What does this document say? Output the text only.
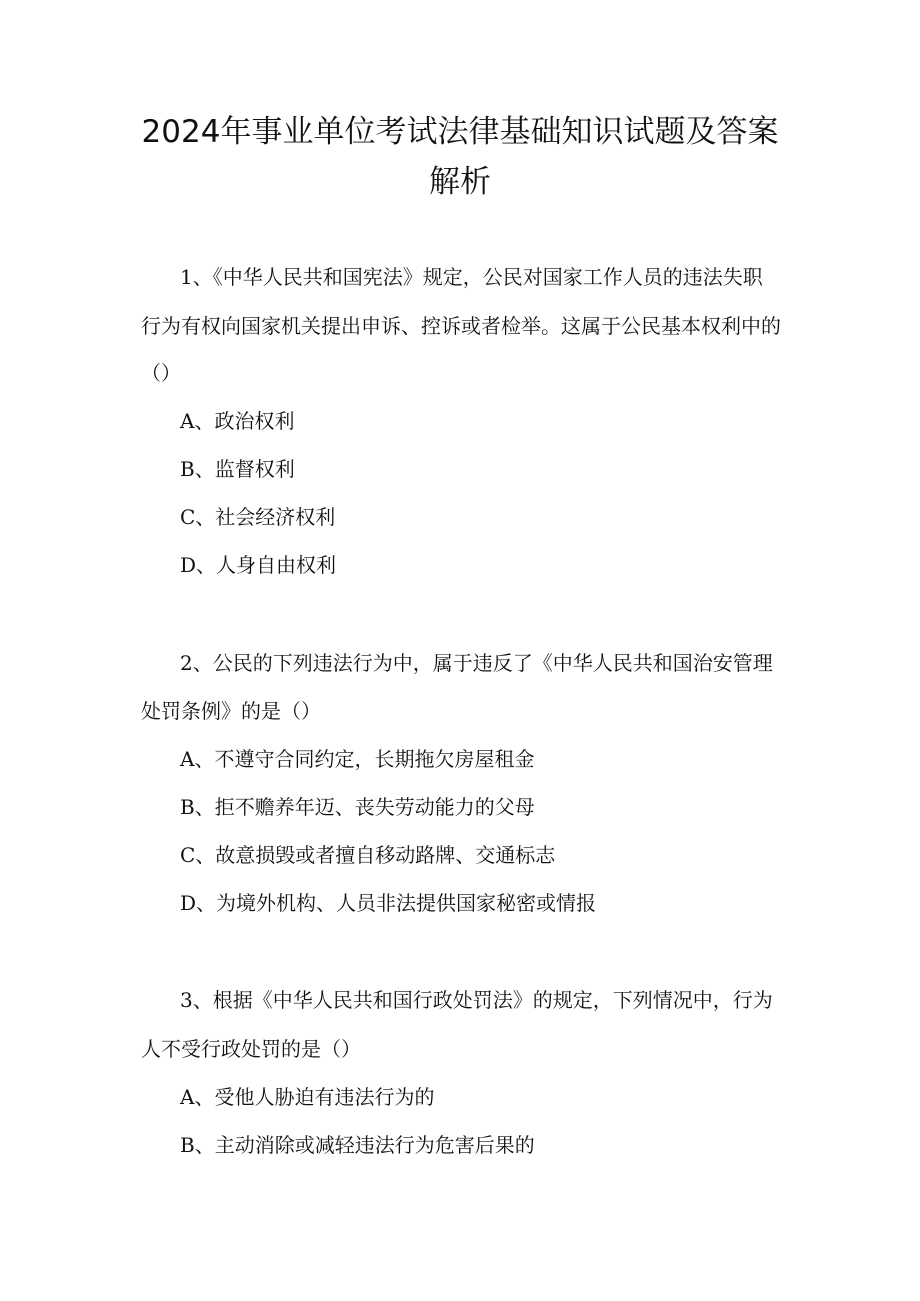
2024年事业单位考试法律基础知识试题及答案
解析
1、《中华人民共和国宪法》规定，公民对国家工作人员的违法失职
行为有权向国家机关提出申诉、控诉或者检举。这属于公民基本权利中的
（）
A、政治权利
B、监督权利
C、社会经济权利
D、人身自由权利
2、公民的下列违法行为中，属于违反了《中华人民共和国治安管理
处罚条例》的是（）
A、不遵守合同约定，长期拖欠房屋租金
B、拒不赡养年迈、丧失劳动能力的父母
C、故意损毁或者擅自移动路牌、交通标志
D、为境外机构、人员非法提供国家秘密或情报
3、根据《中华人民共和国行政处罚法》的规定，下列情况中，行为
人不受行政处罚的是（）
A、受他人胁迫有违法行为的
B、主动消除或减轻违法行为危害后果的
